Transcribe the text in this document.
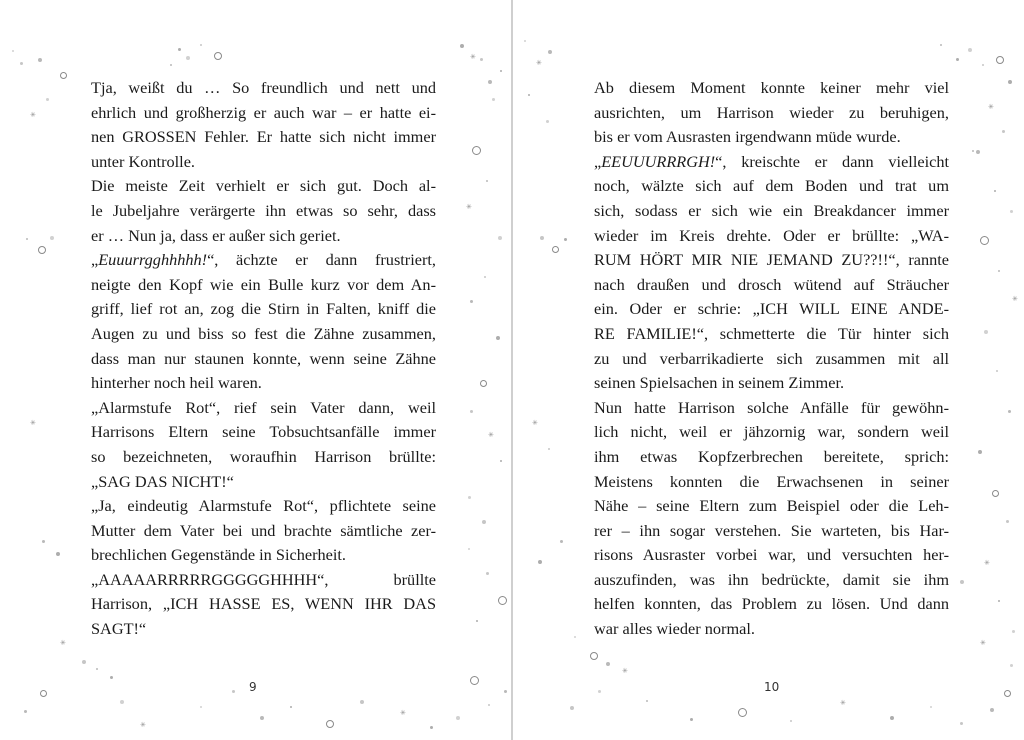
✳
✳
✳
✳
✳
✳
✳
✳
✳
✳
✳
✳
✳
✳
✳
✳

Tja, weißt du … So freundlich und nett und
ehrlich und großherzig er auch war – er hatte ei-
nen GROSSEN Fehler. Er hatte sich nicht immer
unter Kontrolle.

Die meiste Zeit verhielt er sich gut. Doch al-
le Jubeljahre verärgerte ihn etwas so sehr, dass
er … Nun ja, dass er außer sich geriet.

„Euuurrgghhhhh!“, ächzte er dann frustriert,
neigte den Kopf wie ein Bulle kurz vor dem An-
griff, lief rot an, zog die Stirn in Falten, kniff die
Augen zu und biss so fest die Zähne zusammen,
dass man nur staunen konnte, wenn seine Zähne
hinterher noch heil waren.

„Alarmstufe Rot“, rief sein Vater dann, weil
Harrisons Eltern seine Tobsuchtsanfälle immer
so bezeichneten, woraufhin Harrison brüllte:
„SAG DAS NICHT!“

„Ja, eindeutig Alarmstufe Rot“, pflichtete seine
Mutter dem Vater bei und brachte sämtliche zer-
brechlichen Gegenstände in Sicherheit.

„AAAAARRRRRGGGGGHHHH“, brüllte
Harrison, „ICH HASSE ES, WENN IHR DAS
SAGT!“

Ab diesem Moment konnte keiner mehr viel
ausrichten, um Harrison wieder zu beruhigen,
bis er vom Ausrasten irgendwann müde wurde.

„EEUUURRRGH!“, kreischte er dann vielleicht
noch, wälzte sich auf dem Boden und trat um
sich, sodass er sich wie ein Breakdancer immer
wieder im Kreis drehte. Oder er brüllte: „WA-
RUM HÖRT MIR NIE JEMAND ZU??!!“, rannte
nach draußen und drosch wütend auf Sträucher
ein. Oder er schrie: „ICH WILL EINE ANDE-
RE FAMILIE!“, schmetterte die Tür hinter sich
zu und verbarrikadierte sich zusammen mit all
seinen Spielsachen in seinem Zimmer.

Nun hatte Harrison solche Anfälle für gewöhn-
lich nicht, weil er jähzornig war, sondern weil
ihm etwas Kopfzerbrechen bereitete, sprich:
Meistens konnten die Erwachsenen in seiner
Nähe – seine Eltern zum Beispiel oder die Leh-
rer – ihn sogar verstehen. Sie warteten, bis Har-
risons Ausraster vorbei war, und versuchten her-
auszufinden, was ihn bedrückte, damit sie ihm
helfen konnten, das Problem zu lösen. Und dann
war alles wieder normal.

9	10
